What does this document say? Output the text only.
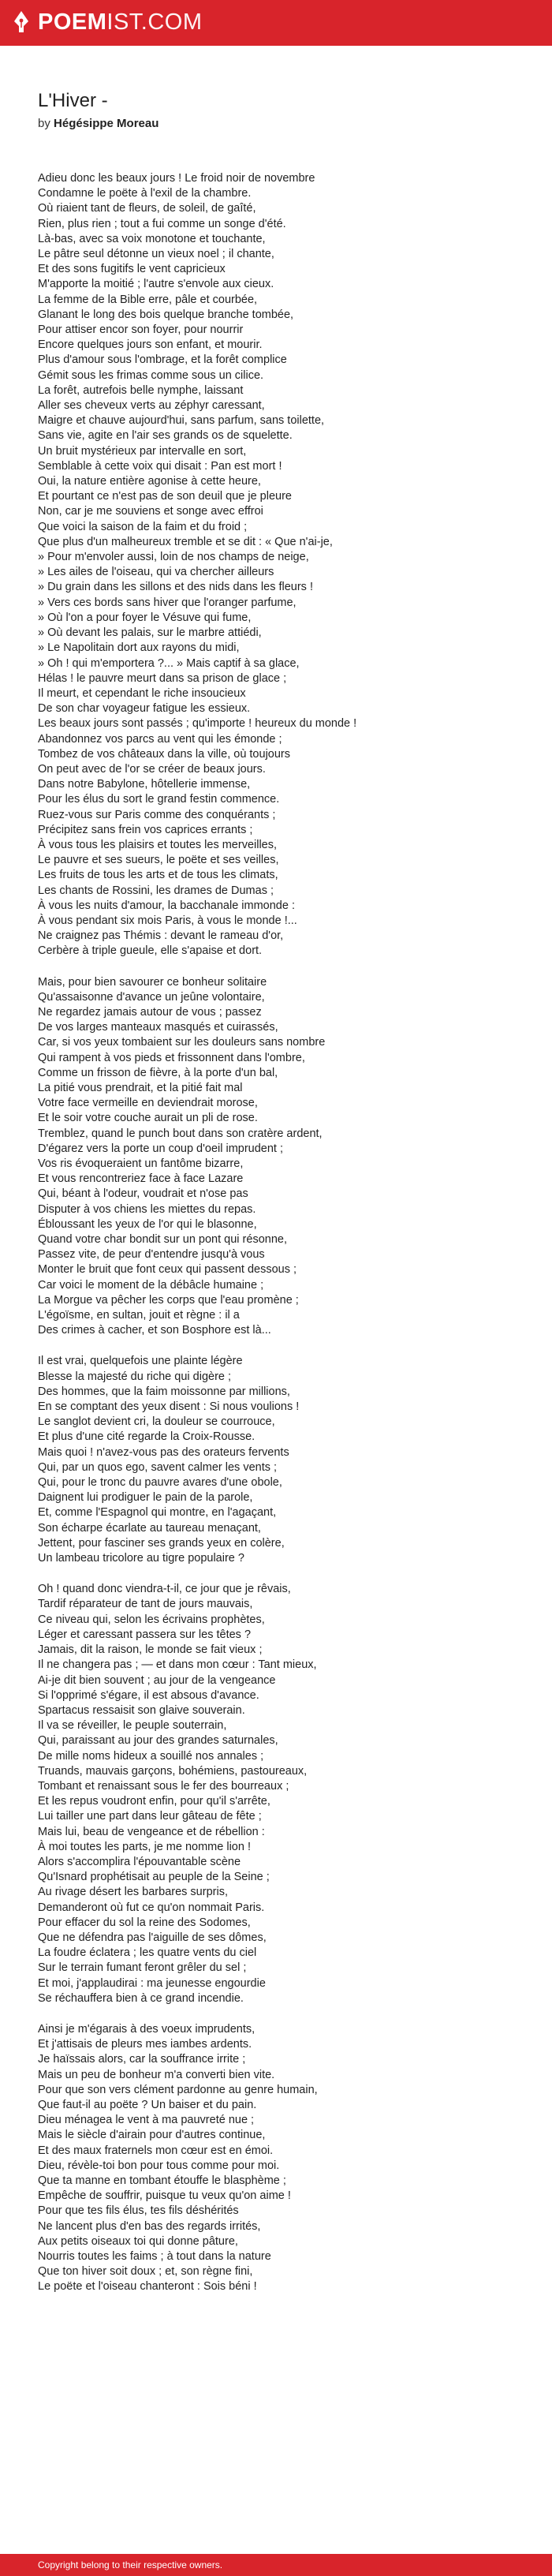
POEMIST.COM
L'Hiver -
by Hégésippe Moreau
Adieu donc les beaux jours ! Le froid noir de novembre
Condamne le poëte à l'exil de la chambre.
Où riaient tant de fleurs, de soleil, de gaîté,
Rien, plus rien ; tout a fui comme un songe d'été.
Là-bas, avec sa voix monotone et touchante,
Le pâtre seul détonne un vieux noel ; il chante,
Et des sons fugitifs le vent capricieux
M'apporte la moitié ; l'autre s'envole aux cieux.
La femme de la Bible erre, pâle et courbée,
Glanant le long des bois quelque branche tombée,
Pour attiser encor son foyer, pour nourrir
Encore quelques jours son enfant, et mourir.
Plus d'amour sous l'ombrage, et la forêt complice
Gémit sous les frimas comme sous un cilice.
La forêt, autrefois belle nymphe, laissant
Aller ses cheveux verts au zéphyr caressant,
Maigre et chauve aujourd'hui, sans parfum, sans toilette,
Sans vie, agite en l'air ses grands os de squelette.
Un bruit mystérieux par intervalle en sort,
Semblable à cette voix qui disait : Pan est mort !
Oui, la nature entière agonise à cette heure,
Et pourtant ce n'est pas de son deuil que je pleure
Non, car je me souviens et songe avec effroi
Que voici la saison de la faim et du froid ;
Que plus d'un malheureux tremble et se dit : « Que n'ai-je,
» Pour m'envoler aussi, loin de nos champs de neige,
» Les ailes de l'oiseau, qui va chercher ailleurs
» Du grain dans les sillons et des nids dans les fleurs !
» Vers ces bords sans hiver que l'oranger parfume,
» Où l'on a pour foyer le Vésuve qui fume,
» Où devant les palais, sur le marbre attiédi,
» Le Napolitain dort aux rayons du midi,
» Oh ! qui m'emportera ?... » Mais captif à sa glace,
Hélas ! le pauvre meurt dans sa prison de glace ;
Il meurt, et cependant le riche insoucieux
De son char voyageur fatigue les essieux.
Les beaux jours sont passés ; qu'importe ! heureux du monde !
Abandonnez vos parcs au vent qui les émonde ;
Tombez de vos châteaux dans la ville, où toujours
On peut avec de l'or se créer de beaux jours.
Dans notre Babylone, hôtellerie immense,
Pour les élus du sort le grand festin commence.
Ruez-vous sur Paris comme des conquérants ;
Précipitez sans frein vos caprices errants ;
À vous tous les plaisirs et toutes les merveilles,
Le pauvre et ses sueurs, le poëte et ses veilles,
Les fruits de tous les arts et de tous les climats,
Les chants de Rossini, les drames de Dumas ;
À vous les nuits d'amour, la bacchanale immonde :
À vous pendant six mois Paris, à vous le monde !...
Ne craignez pas Thémis : devant le rameau d'or,
Cerbère à triple gueule, elle s'apaise et dort.
Mais, pour bien savourer ce bonheur solitaire
Qu'assaisonne d'avance un jeûne volontaire,
Ne regardez jamais autour de vous ; passez
De vos larges manteaux masqués et cuirassés,
Car, si vos yeux tombaient sur les douleurs sans nombre
Qui rampent à vos pieds et frissonnent dans l'ombre,
Comme un frisson de fièvre, à la porte d'un bal,
La pitié vous prendrait, et la pitié fait mal
Votre face vermeille en deviendrait morose,
Et le soir votre couche aurait un pli de rose.
Tremblez, quand le punch bout dans son cratère ardent,
D'égarez vers la porte un coup d'oeil imprudent ;
Vos ris évoqueraient un fantôme bizarre,
Et vous rencontreriez face à face Lazare
Qui, béant à l'odeur, voudrait et n'ose pas
Disputer à vos chiens les miettes du repas.
Ébloussant les yeux de l'or qui le blasonne,
Quand votre char bondit sur un pont qui résonne,
Passez vite, de peur d'entendre jusqu'à vous
Monter le bruit que font ceux qui passent dessous ;
Car voici le moment de la débâcle humaine ;
La Morgue va pêcher les corps que l'eau promène ;
L'égoïsme, en sultan, jouit et règne : il a
Des crimes à cacher, et son Bosphore est là...
Il est vrai, quelquefois une plainte légère
Blesse la majesté du riche qui digère ;
Des hommes, que la faim moissonne par millions,
En se comptant des yeux disent : Si nous voulions !
Le sanglot devient cri, la douleur se courrouce,
Et plus d'une cité regarde la Croix-Rousse.
Mais quoi ! n'avez-vous pas des orateurs fervents
Qui, par un quos ego, savent calmer les vents ;
Qui, pour le tronc du pauvre avares d'une obole,
Daignent lui prodiguer le pain de la parole,
Et, comme l'Espagnol qui montre, en l'agaçant,
Son écharpe écarlate au taureau menaçant,
Jettent, pour fasciner ses grands yeux en colère,
Un lambeau tricolore au tigre populaire ?
Oh ! quand donc viendra-t-il, ce jour que je rêvais,
Tardif réparateur de tant de jours mauvais,
Ce niveau qui, selon les écrivains prophètes,
Léger et caressant passera sur les têtes ?
Jamais, dit la raison, le monde se fait vieux ;
Il ne changera pas ; — et dans mon cœur : Tant mieux,
Ai-je dit bien souvent ; au jour de la vengeance
Si l'opprimé s'égare, il est absous d'avance.
Spartacus ressaisit son glaive souverain.
Il va se réveiller, le peuple souterrain,
Qui, paraissant au jour des grandes saturnales,
De mille noms hideux a souillé nos annales ;
Truands, mauvais garçons, bohémiens, pastoureaux,
Tombant et renaissant sous le fer des bourreaux ;
Et les repus voudront enfin, pour qu'il s'arrête,
Lui tailler une part dans leur gâteau de fête ;
Mais lui, beau de vengeance et de rébellion :
À moi toutes les parts, je me nomme lion !
Alors s'accomplira l'épouvantable scène
Qu'Isnard prophétisait au peuple de la Seine ;
Au rivage désert les barbares surpris,
Demanderont où fut ce qu'on nommait Paris.
Pour effacer du sol la reine des Sodomes,
Que ne défendra pas l'aiguille de ses dômes,
La foudre éclatera ; les quatre vents du ciel
Sur le terrain fumant feront grêler du sel ;
Et moi, j'applaudirai : ma jeunesse engourdie
Se réchauffera bien à ce grand incendie.
Ainsi je m'égarais à des voeux imprudents,
Et j'attisais de pleurs mes iambes ardents.
Je haïssais alors, car la souffrance irrite ;
Mais un peu de bonheur m'a converti bien vite.
Pour que son vers clément pardonne au genre humain,
Que faut-il au poëte ? Un baiser et du pain.
Dieu ménagea le vent à ma pauvreté nue ;
Mais le siècle d'airain pour d'autres continue,
Et des maux fraternels mon cœur est en émoi.
Dieu, révèle-toi bon pour tous comme pour moi.
Que ta manne en tombant étouffe le blasphème ;
Empêche de souffrir, puisque tu veux qu'on aime !
Pour que tes fils élus, tes fils déshérités
Ne lancent plus d'en bas des regards irrités,
Aux petits oiseaux toi qui donne pâture,
Nourris toutes les faims ; à tout dans la nature
Que ton hiver soit doux ; et, son règne fini,
Le poëte et l'oiseau chanteront : Sois béni !
Copyright belong to their respective owners.
